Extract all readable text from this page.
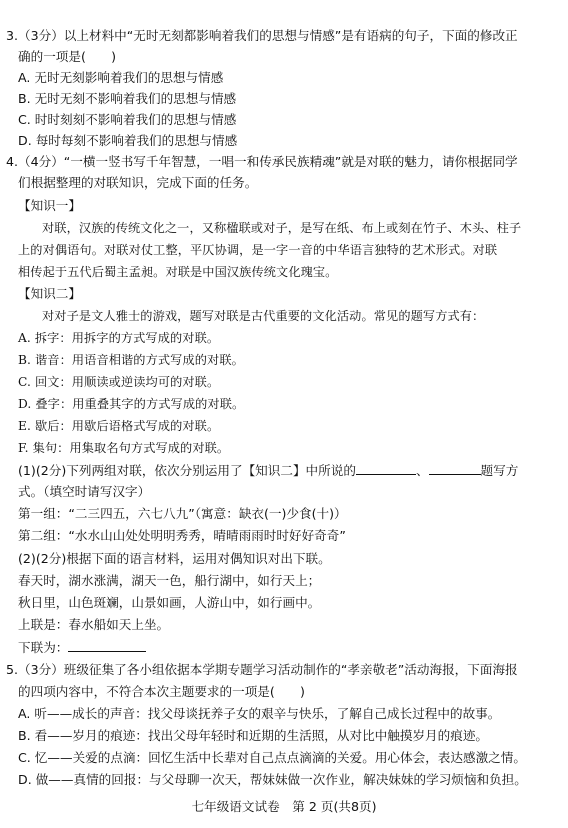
3.（3分）以上材料中“无时无刻都影响着我们的思想与情感”是有语病的句子，下面的修改正
确的一项是(　　)
A. 无时无刻影响着我们的思想与情感
B. 无时无刻不影响着我们的思想与情感
C. 时时刻刻不影响着我们的思想与情感
D. 每时每刻不影响着我们的思想与情感
4.（4分）“一横一竖书写千年智慧，一唱一和传承民族精魂”就是对联的魅力，请你根据同学
们根据整理的对联知识，完成下面的任务。
【知识一】
对联，汉族的传统文化之一，又称楹联或对子，是写在纸、布上或刻在竹子、木头、柱子
上的对偶语句。对联对仗工整，平仄协调，是一字一音的中华语言独特的艺术形式。对联
相传起于五代后蜀主孟昶。对联是中国汉族传统文化瑰宝。
【知识二】
对对子是文人雅士的游戏，题写对联是古代重要的文化活动。常见的题写方式有：
A. 拆字：用拆字的方式写成的对联。
B. 谐音：用语音相谐的方式写成的对联。
C. 回文：用顺读或逆读均可的对联。
D. 叠字：用重叠其字的方式写成的对联。
E. 歇后：用歇后语格式写成的对联。
F. 集句：用集取名句方式写成的对联。
(1)(2分)下列两组对联，依次分别运用了【知识二】中所说的	、	题写方
式。（填空时请写汉字）
第一组：“二三四五，六七八九”（寓意：缺衣(一)少食(十)）
第二组：“水水山山处处明明秀秀，晴晴雨雨时时好好奇奇”
(2)(2分)根据下面的语言材料，运用对偶知识对出下联。
春天时，湖水涨满，湖天一色，船行湖中，如行天上；
秋日里，山色斑斓，山景如画，人游山中，如行画中。
上联是：春水船如天上坐。
下联为：
5.（3分）班级征集了各小组依据本学期专题学习活动制作的“孝亲敬老”活动海报，下面海报
的四项内容中，不符合本次主题要求的一项是(　　)
A. 听——成长的声音：找父母谈抚养子女的艰辛与快乐，了解自己成长过程中的故事。
B. 看——岁月的痕迹：找出父母年轻时和近期的生活照，从对比中触摸岁月的痕迹。
C. 忆——关爱的点滴：回忆生活中长辈对自己点点滴滴的关爱。用心体会，表达感激之情。
D. 做——真情的回报：与父母聊一次天，帮妹妹做一次作业，解决妹妹的学习烦恼和负担。
七年级语文试卷　第 2 页(共8页)
